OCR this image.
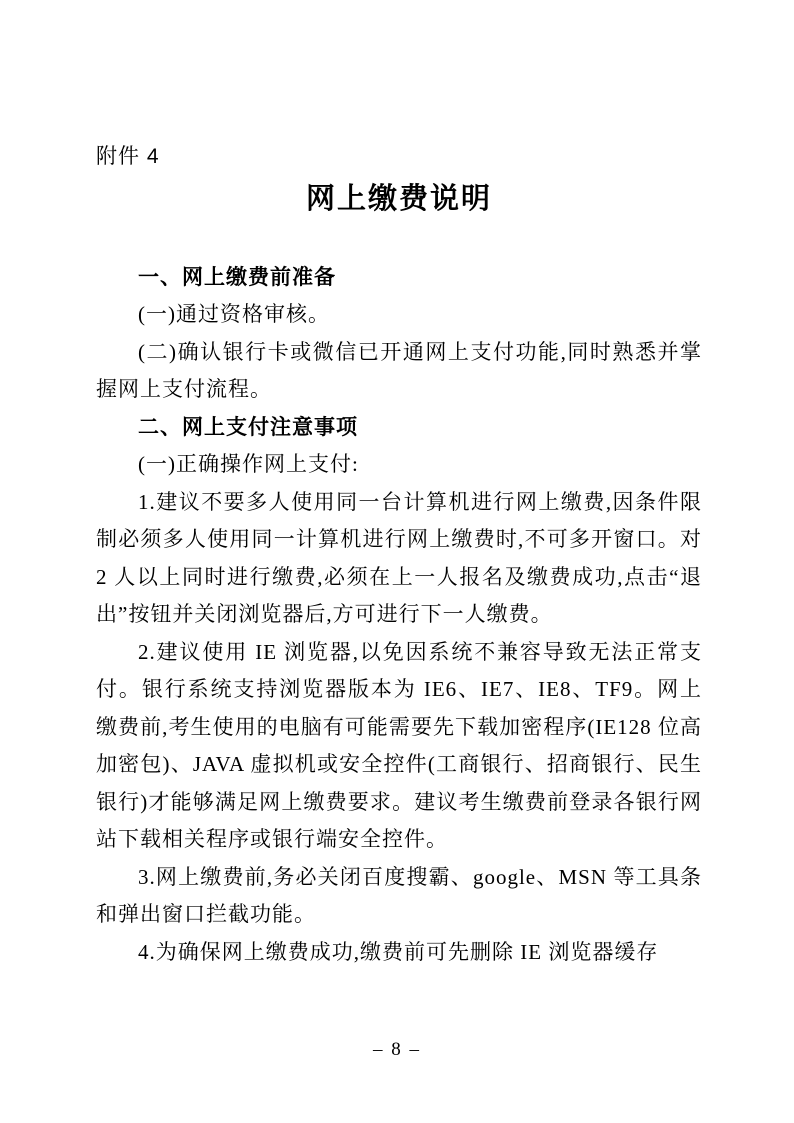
附件 4
网上缴费说明
一、网上缴费前准备

(一)通过资格审核。

(二)确认银行卡或微信已开通网上支付功能,同时熟悉并掌握网上支付流程。

二、网上支付注意事项

(一)正确操作网上支付:

1.建议不要多人使用同一台计算机进行网上缴费,因条件限制必须多人使用同一计算机进行网上缴费时,不可多开窗口。对 2 人以上同时进行缴费,必须在上一人报名及缴费成功,点击“退出”按钮并关闭浏览器后,方可进行下一人缴费。

2.建议使用 IE 浏览器,以免因系统不兼容导致无法正常支付。银行系统支持浏览器版本为 IE6、IE7、IE8、TF9。网上缴费前,考生使用的电脑有可能需要先下载加密程序(IE128 位高加密包)、JAVA 虚拟机或安全控件(工商银行、招商银行、民生银行)才能够满足网上缴费要求。建议考生缴费前登录各银行网站下载相关程序或银行端安全控件。

3.网上缴费前,务必关闭百度搜霸、google、MSN 等工具条和弹出窗口拦截功能。

4.为确保网上缴费成功,缴费前可先删除 IE 浏览器缓存

– 8 –
